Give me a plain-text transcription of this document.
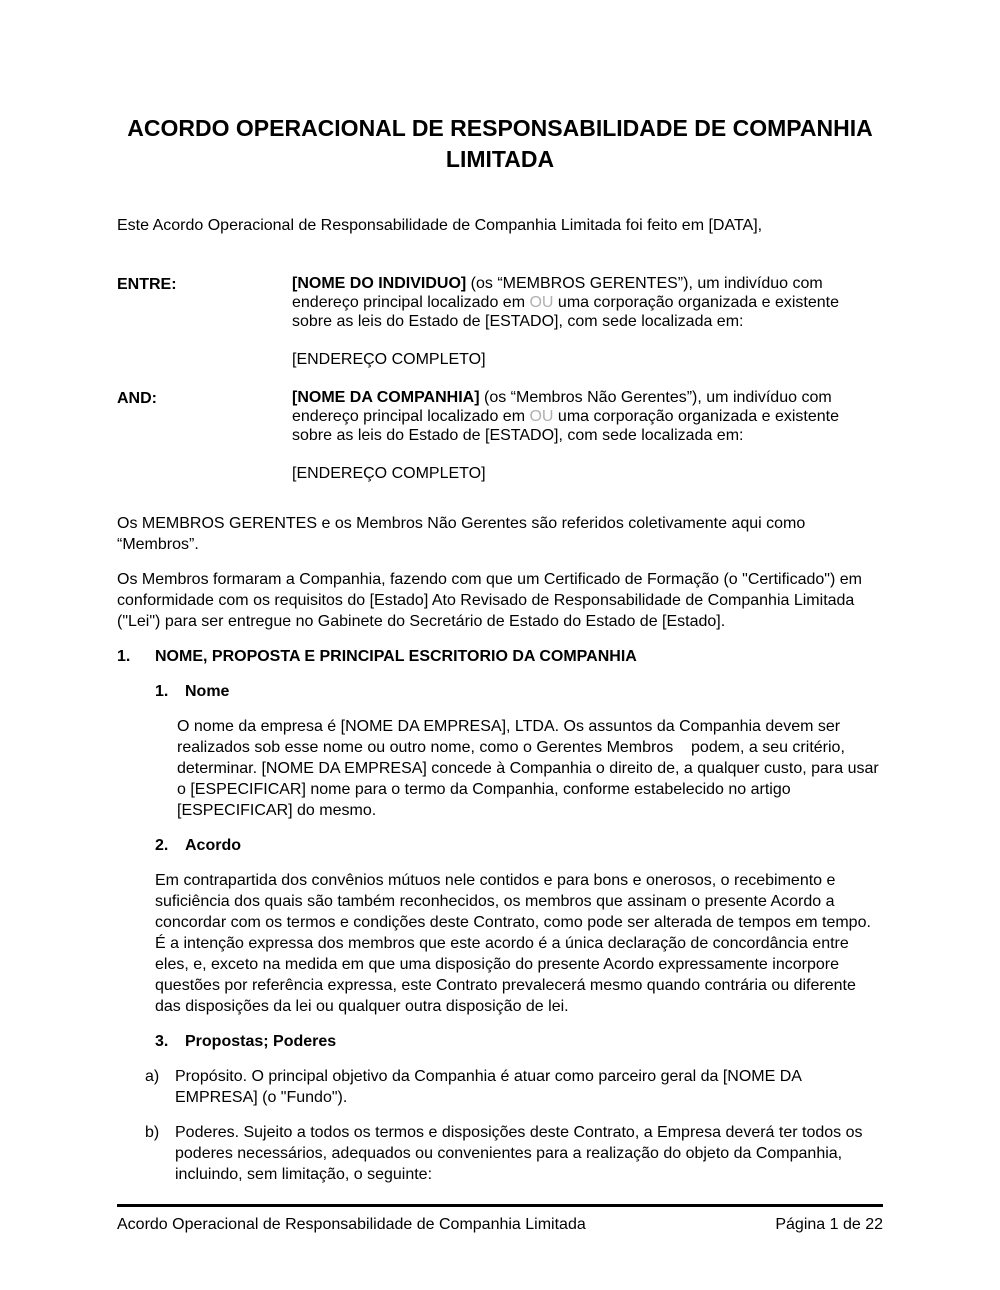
ACORDO OPERACIONAL DE RESPONSABILIDADE DE COMPANHIA LIMITADA

Este Acordo Operacional de Responsabilidade de Companhia Limitada foi feito em [DATA],

ENTRE:	[NOME DO INDIVIDUO] (os “MEMBROS GERENTES”), um indivíduo com endereço principal localizado em OU uma corporação organizada e existente sobre as leis do Estado de [ESTADO], com sede localizada em:

[ENDEREÇO COMPLETO]

AND:	[NOME DA COMPANHIA] (os “Membros Não Gerentes”), um indivíduo com endereço principal localizado em OU uma corporação organizada e existente sobre as leis do Estado de [ESTADO], com sede localizada em:

[ENDEREÇO COMPLETO]

Os MEMBROS GERENTES e os Membros Não Gerentes são referidos coletivamente aqui como “Membros”.

Os Membros formaram a Companhia, fazendo com que um Certificado de Formação (o "Certificado") em conformidade com os requisitos do [Estado] Ato Revisado de Responsabilidade de Companhia Limitada ("Lei") para ser entregue no Gabinete do Secretário de Estado do Estado de [Estado].

1.	NOME, PROPOSTA E PRINCIPAL ESCRITORIO DA COMPANHIA
1.	Nome

O nome da empresa é [NOME DA EMPRESA], LTDA. Os assuntos da Companhia devem ser realizados sob esse nome ou outro nome, como o Gerentes Membros    podem, a seu critério, determinar. [NOME DA EMPRESA] concede à Companhia o direito de, a qualquer custo, para usar o [ESPECIFICAR] nome para o termo da Companhia, conforme estabelecido no artigo [ESPECIFICAR] do mesmo.

2.	Acordo

Em contrapartida dos convênios mútuos nele contidos e para bons e onerosos, o recebimento e suficiência dos quais são também reconhecidos, os membros que assinam o presente Acordo a concordar com os termos e condições deste Contrato, como pode ser alterada de tempos em tempo. É a intenção expressa dos membros que este acordo é a única declaração de concordância entre eles, e, exceto na medida em que uma disposição do presente Acordo expressamente incorpore questões por referência expressa, este Contrato prevalecerá mesmo quando contrária ou diferente das disposições da lei ou qualquer outra disposição de lei.

3.	Propostas; Poderes
a) Propósito. O principal objetivo da Companhia é atuar como parceiro geral da [NOME DA EMPRESA] (o "Fundo").
b) Poderes. Sujeito a todos os termos e disposições deste Contrato, a Empresa deverá ter todos os poderes necessários, adequados ou convenientes para a realização do objeto da Companhia, incluindo, sem limitação, o seguinte:
Acordo Operacional de Responsabilidade de Companhia Limitada	Página 1 de 22
